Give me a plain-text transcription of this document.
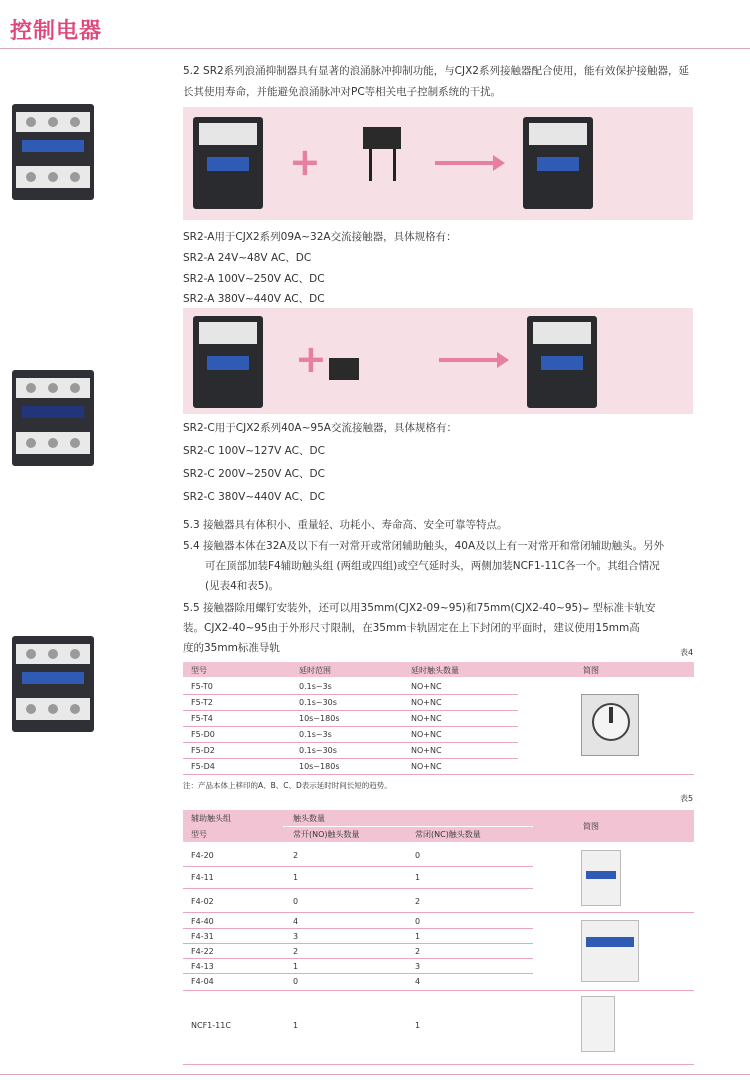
控制电器
5.2 SR2系列浪涌抑制器具有显著的浪涌脉冲抑制功能，与CJX2系列接触器配合使用，能有效保护接触器，延长其使用寿命，并能避免浪涌脉冲对PC等相关电子控制系统的干扰。
+
SR2-A用于CJX2系列09A~32A交流接触器，具体规格有：
SR2-A 24V~48V AC、DC
SR2-A 100V~250V AC、DC
SR2-A 380V~440V AC、DC
+
SR2-C用于CJX2系列40A~95A交流接触器，具体规格有：
SR2-C 100V~127V AC、DC
SR2-C 200V~250V AC、DC
SR2-C 380V~440V AC、DC
5.3 接触器具有体积小、重量轻、功耗小、寿命高、安全可靠等特点。
5.4 接触器本体在32A及以下有一对常开或常闭辅助触头，40A及以上有一对常开和常闭辅助触头。另外
可在顶部加装F4辅助触头组 (两组或四组)或空气延时头，两侧加装NCF1-11C各一个。其组合情况
(见表4和表5)。
5.5 接触器除用螺钉安装外，还可以用35mm(CJX2-09~95)和75mm(CJX2-40~95)⌣ 型标准卡轨安
装。CJX2-40~95由于外形尺寸限制，在35mm卡轨固定在上下封闭的平面时，建议使用15mm高
度的35mm标准导轨	表4
型号	延时范围	延时触头数量	简图
F5-T0	0.1s~3s	NO+NC
F5-T2	0.1s~30s	NO+NC
F5-T4	10s~180s	NO+NC
F5-D0	0.1s~3s	NO+NC
F5-D2	0.1s~30s	NO+NC
F5-D4	10s~180s	NO+NC
注：产品本体上移印的A、B、C、D表示延时时间长短的趋势。
表5
辅助触头组	触头数量
型号	常开(NO)触头数量	常闭(NC)触头数量
简图
F4-20	2	0
F4-11	1	1
F4-02	0	2
F4-40	4	0
F4-31	3	1
F4-22	2	2
F4-13	1	3
F4-04	0	4
NCF1-11C	1	1
